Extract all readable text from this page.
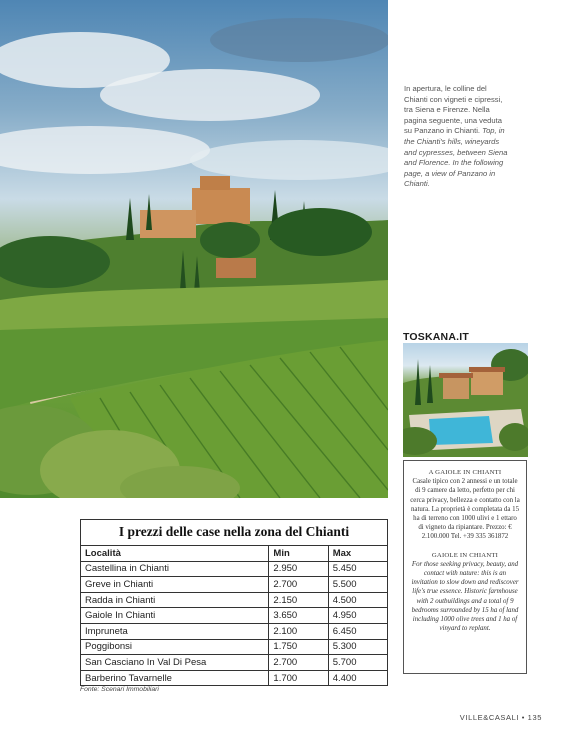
In apertura, le colline del Chianti con vigneti e cipressi, tra Siena e Firenze. Nella pagina seguente, una veduta su Panzano in Chianti. Top, in the Chianti's hills, wineyards and cypresses, between Siena and Florence. In the following page, a view of Panzano in Chianti.
TOSKANA.IT
A GAIOLE IN CHIANTI
Casale tipico con 2 annessi e un totale di 9 camere da letto, perfetto per chi cerca privacy, bellezza e contatto con la natura. La proprietà è completata da 15 ha di terreno con 1000 ulivi e 1 ettaro di vigneto da ripiantare. Prezzo: € 2.100.000 Tel. +39 335 361872
GAIOLE IN CHIANTI
For those seeking privacy, beauty, and contact with nature: this is an invitation to slow down and rediscover life's true essence. Historic farmhouse with 2 outbuildings and a total of 9 bedrooms surrounded by 15 ha of land including 1000 olive trees and 1 ha of vinyard to replant.
I prezzi delle case nella zona del Chianti
Località	Min	Max
Castellina in Chianti	2.950	5.450
Greve in Chianti	2.700	5.500
Radda in Chianti	2.150	4.500
Gaiole In Chianti	3.650	4.950
Impruneta	2.100	6.450
Poggibonsi	1.750	5.300
San Casciano In Val Di Pesa	2.700	5.700
Barberino Tavarnelle	1.700	4.400
Fonte: Scenari Immobiliari
VILLE&CASALI • 135
